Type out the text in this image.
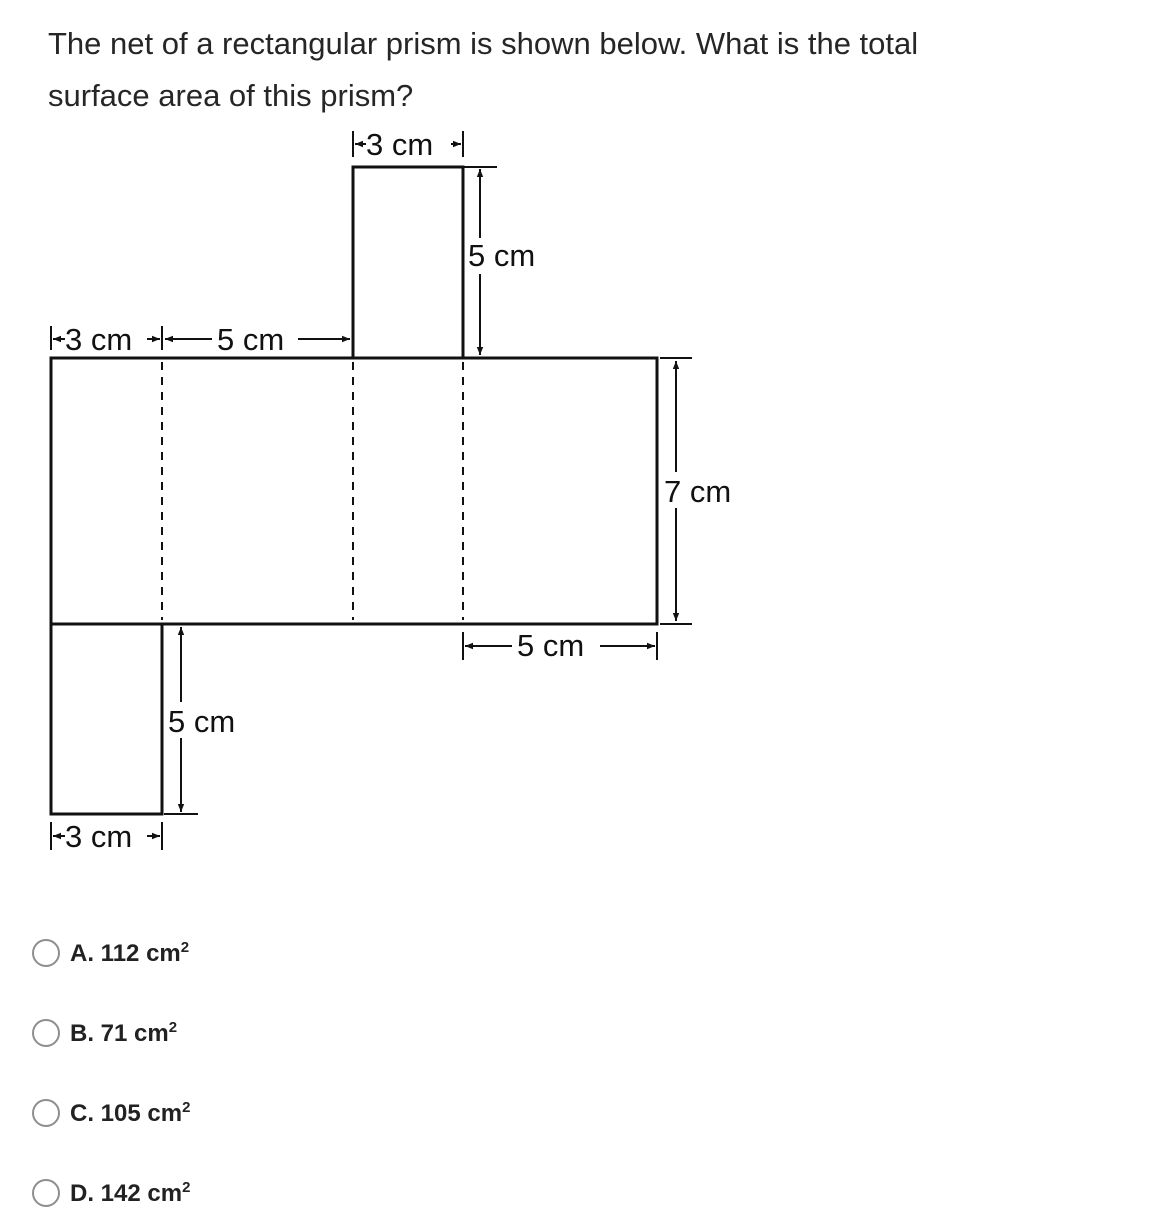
The net of a rectangular prism is shown below. What is the total
surface area of this prism?
3 cm
5 cm
3 cm	5 cm
7 cm
5 cm
5 cm
3 cm
A. 112 $cm^2$
B. 71 $cm^2$
C. 105 $cm^2$
D. 142 $cm^2$
